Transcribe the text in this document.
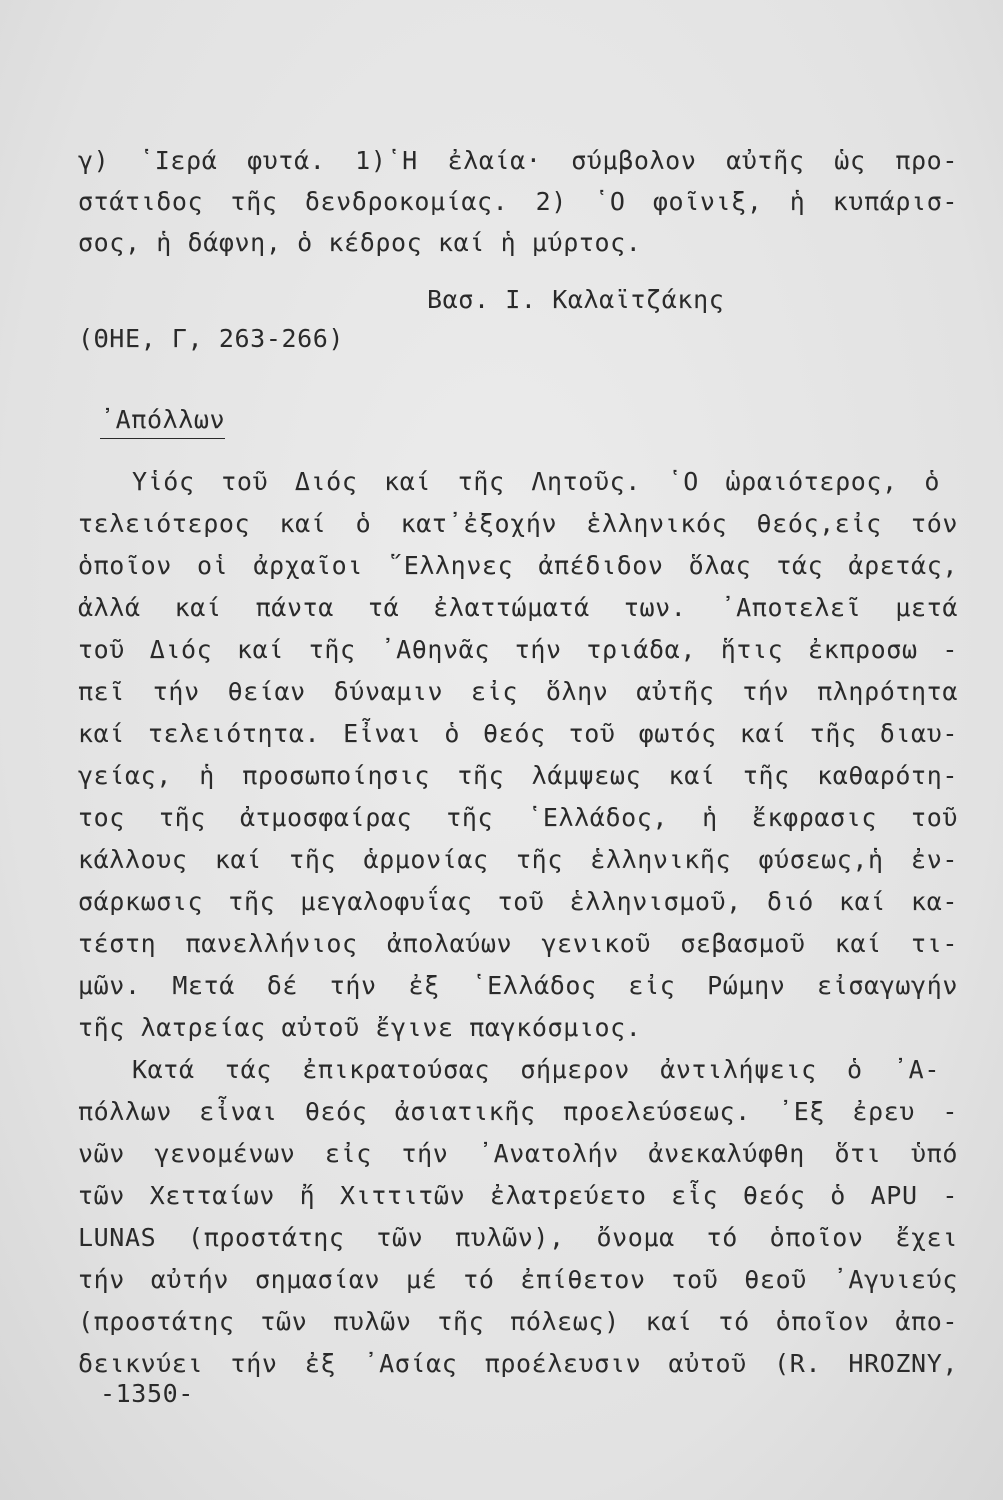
γ) ῾Ιερά φυτά. 1)῾Η ἐλαία· σύμβολον αὐτῆς ὡς προ-
στάτιδος τῆς δενδροκομίας. 2) ῾Ο φοῖνιξ, ἡ κυπάρισ-
σος, ἡ δάφνη, ὁ κέδρος καί ἡ μύρτος.
Βασ. Ι. Καλαϊτζάκης
(ΘΗΕ, Γ, 263-266)
᾿Απόλλων
Υἱός τοῦ Διός καί τῆς Λητοῦς. ῾Ο ὡραιότερος, ὁ
τελειότερος καί ὁ κατ᾿ἐξοχήν ἑλληνικός θεός,εἰς τόν
ὁποῖον οἱ ἀρχαῖοι ῞Ελληνες ἀπέδιδον ὅλας τάς ἀρετάς,
ἀλλά καί πάντα τά ἐλαττώματά των. ᾿Αποτελεῖ μετά
τοῦ Διός καί τῆς ᾿Αθηνᾶς τήν τριάδα, ἥτις ἐκπροσω -
πεῖ τήν θείαν δύναμιν εἰς ὅλην αὐτῆς τήν πληρότητα
καί τελειότητα. Εἶναι ὁ θεός τοῦ φωτός καί τῆς διαυ-
γείας, ἡ προσωποίησις τῆς λάμψεως καί τῆς καθαρότη-
τος τῆς ἀτμοσφαίρας τῆς ῾Ελλάδος, ἡ ἔκφρασις τοῦ
κάλλους καί τῆς ἁρμονίας τῆς ἑλληνικῆς φύσεως,ἡ ἐν-
σάρκωσις τῆς μεγαλοφυΐας τοῦ ἑλληνισμοῦ, διό καί κα-
τέστη πανελλήνιος ἀπολαύων γενικοῦ σεβασμοῦ καί τι-
μῶν. Μετά δέ τήν ἐξ ῾Ελλάδος εἰς Ρώμην εἰσαγωγήν
τῆς λατρείας αὐτοῦ ἔγινε παγκόσμιος.
Κατά τάς ἐπικρατούσας σήμερον ἀντιλήψεις ὁ ᾿Α-
πόλλων εἶναι θεός ἀσιατικῆς προελεύσεως. ᾿Εξ ἐρευ -
νῶν γενομένων εἰς τήν ᾿Ανατολήν ἀνεκαλύφθη ὅτι ὑπό
τῶν Χετταίων ἤ Χιττιτῶν ἐλατρεύετο εἷς θεός ὁ APU -
LUNAS (προστάτης τῶν πυλῶν), ὄνομα τό ὁποῖον ἔχει
τήν αὐτήν σημασίαν μέ τό ἐπίθετον τοῦ θεοῦ ᾿Αγυιεύς
(προστάτης τῶν πυλῶν τῆς πόλεως) καί τό ὁποῖον ἀπο-
δεικνύει τήν ἐξ ᾿Ασίας προέλευσιν αὐτοῦ (R. HROZNY,
-1350-
